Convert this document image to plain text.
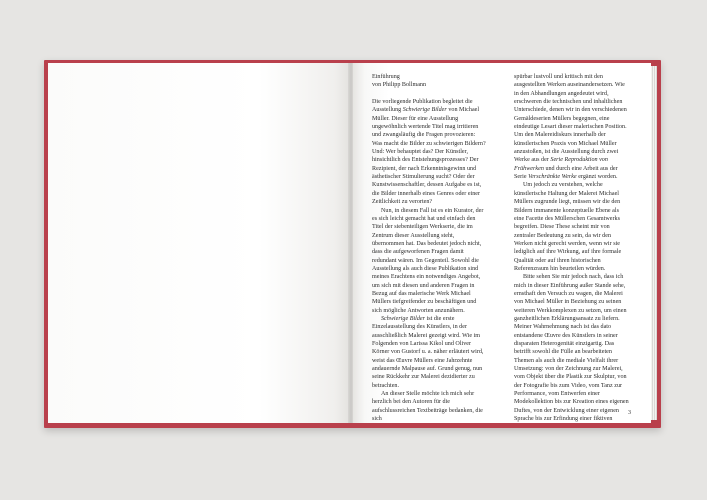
Einführung
von Philipp Bollmann

Die vorliegende Publikation begleitet die Ausstellung Schwierige Bilder von Michael Müller. Dieser für eine Ausstellung ungewöhnlich wertende Titel mag irritieren und zwangsläufig die Fragen provozieren: Was macht die Bilder zu schwierigen Bildern? Und: Wer behauptet das? Der Künstler, hinsichtlich des Entstehungsprozesses? Der Rezipient, der nach Erkenntnisgewinn und ästhetischer Stimulierung sucht? Oder der Kunstwissenschaftler, dessen Aufgabe es ist, die Bilder innerhalb eines Genres oder einer Zeitlichkeit zu verorten?

Nun, in diesem Fall ist es ein Kurator, der es sich leicht gemacht hat und einfach den Titel der siebenteiligen Werkserie, die im Zentrum dieser Ausstellung steht, übernommen hat. Das bedeutet jedoch nicht, dass die aufgeworfenen Fragen damit redundant wären. Im Gegenteil. Sowohl die Ausstellung als auch diese Publikation sind meines Erachtens ein notwendiges Angebot, um sich mit diesen und anderen Fragen in Bezug auf das malerische Werk Michael Müllers tiefgreifender zu beschäftigen und sich mögliche Antworten anzunähern.

Schwierige Bilder ist die erste Einzelausstellung des Künstlers, in der ausschließlich Malerei gezeigt wird. Wie im Folgenden von Larissa Kikol und Oliver Körner von Gustorf u. a. näher erläutert wird, weist das Œuvre Müllers eine Jahrzehnte andauernde Malpause auf. Grund genug, nun seine Rückkehr zur Malerei dezidierter zu betrachten.

An dieser Stelle möchte ich mich sehr herzlich bei den Autoren für die aufschlussreichen Textbeiträge bedanken, die sich

spürbar lustvoll und kritisch mit den ausgestellten Werken auseinandersetzen. Wie in den Abhandlungen angedeutet wird, erschweren die technischen und inhaltlichen Unterschiede, denen wir in den verschiedenen Gemäldeserien Müllers begegnen, eine eindeutige Lesart dieser malerischen Position. Um den Malereidiskurs innerhalb der künstlerischen Praxis von Michael Müller anzustoßen, ist die Ausstellung durch zwei Werke aus der Serie Reproduktion von Frühwerken und durch eine Arbeit aus der Serie Verschränkte Werke ergänzt worden.

Um jedoch zu verstehen, welche künstlerische Haltung der Malerei Michael Müllers zugrunde liegt, müssen wir die den Bildern immanente konzeptuelle Ebene als eine Facette des Müllerschen Gesamtwerks begreifen. Diese These scheint mir von zentraler Bedeutung zu sein, da wir den Werken nicht gerecht werden, wenn wir sie lediglich auf ihre Wirkung, auf ihre formale Qualität oder auf ihren historischen Referenzraum hin beurteilen würden.

Bitte sehen Sie mir jedoch nach, dass ich mich in dieser Einführung außer Stande sehe, ernsthaft den Versuch zu wagen, die Malerei von Michael Müller in Beziehung zu seinen weiteren Werkkomplexen zu setzen, um einen ganzheitlichen Erklärungsansatz zu liefern. Meiner Wahrnehmung nach ist das dato entstandene Œuvre des Künstlers in seiner disparaten Heterogenität einzigartig. Das betrifft sowohl die Fülle an bearbeiteten Themen als auch die mediale Vielfalt ihrer Umsetzung: von der Zeichnung zur Malerei, vom Objekt über die Plastik zur Skulptur, von der Fotografie bis zum Video, vom Tanz zur Performance, vom Entwerfen einer Modekollektion bis zur Kreation eines eigenen Duftes, von der Entwicklung einer eigenen Sprache bis zur Erfindung einer fiktiven

3
